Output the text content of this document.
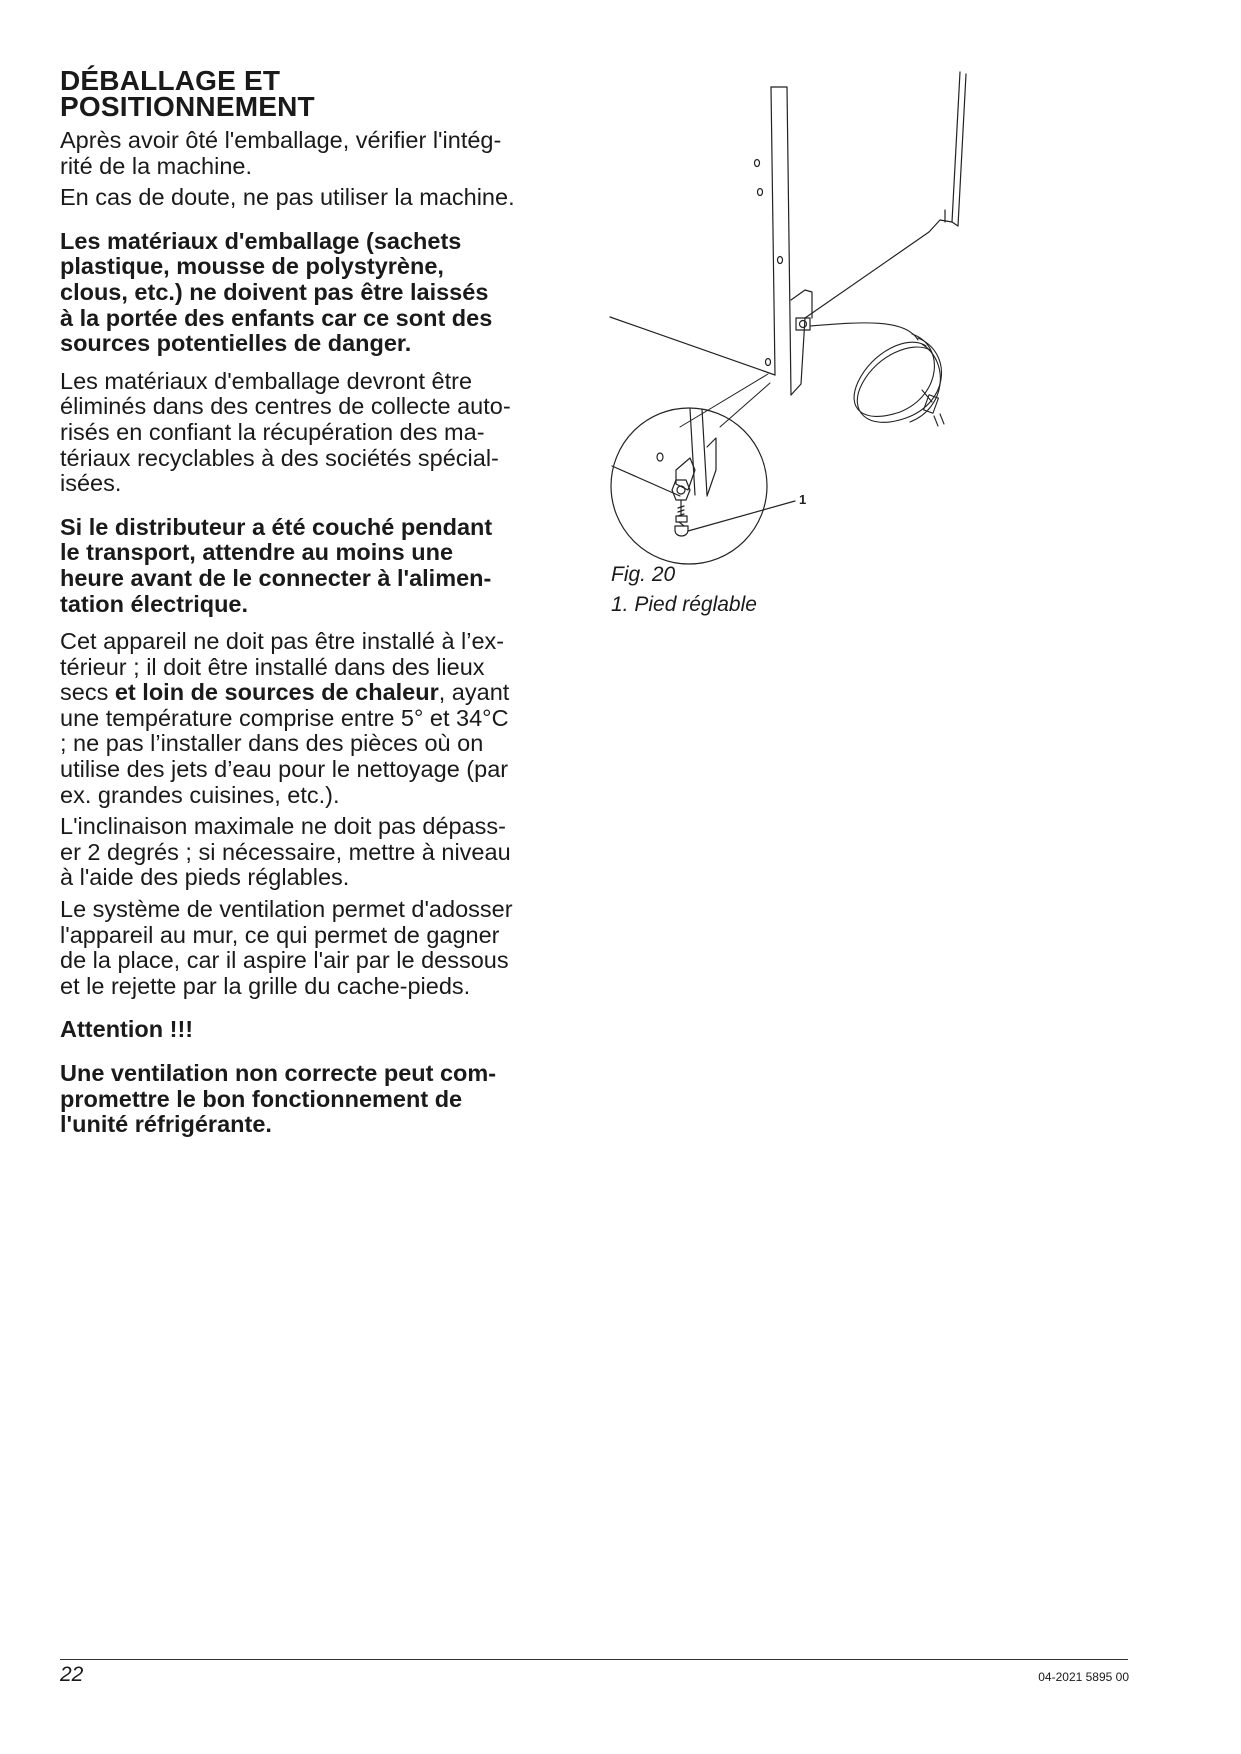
DÉBALLAGE ET
POSITIONNEMENT

Après avoir ôté l'emballage, vérifier l'intég-
rité de la machine.

En cas de doute, ne pas utiliser la machine.

Les matériaux d'emballage (sachets
plastique, mousse de polystyrène,
clous, etc.) ne doivent pas être laissés
à la portée des enfants car ce sont des
sources potentielles de danger.

Les matériaux d'emballage devront être
éliminés dans des centres de collecte auto-
risés en confiant la récupération des ma-
tériaux recyclables à des sociétés spécial-
isées.

Si le distributeur a été couché pendant
le transport, attendre au moins une
heure avant de le connecter à l'alimen-
tation électrique.

Cet appareil ne doit pas être installé à l’ex-
térieur ; il doit être installé dans des lieux
secs et loin de sources de chaleur, ayant
une température comprise entre 5° et 34°C
; ne pas l’installer dans des pièces où on
utilise des jets d’eau pour le nettoyage (par
ex. grandes cuisines, etc.).

L'inclinaison maximale ne doit pas dépass-
er 2 degrés ; si nécessaire, mettre à niveau
à l'aide des pieds réglables.

Le système de ventilation permet d'adosser
l'appareil au mur, ce qui permet de gagner
de la place, car il aspire l'air par le dessous
et le rejette par la grille du cache-pieds.

Attention !!!

Une ventilation non correcte peut com-
promettre le bon fonctionnement de
l'unité réfrigérante.

1
Fig. 20
1. Pied réglable
22	04-2021 5895 00
